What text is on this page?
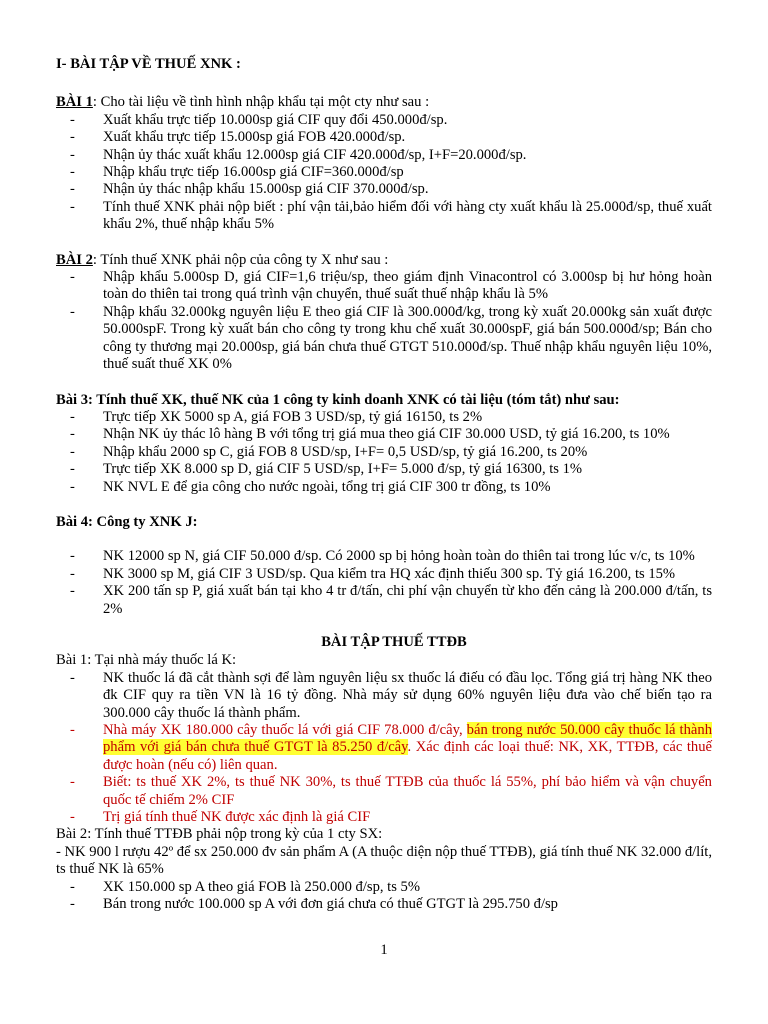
I- BÀI TẬP VỀ THUẾ XNK :

BÀI 1: Cho tài liệu về tình hình nhập khẩu tại một cty như sau :

- Xuất khẩu trực tiếp 10.000sp giá CIF quy đổi 450.000đ/sp.
- Xuất khẩu trực tiếp 15.000sp giá FOB 420.000đ/sp.
- Nhận ủy thác xuất khẩu 12.000sp giá CIF 420.000đ/sp, I+F=20.000đ/sp.
- Nhập khẩu trực tiếp 16.000sp giá CIF=360.000đ/sp
- Nhận ủy thác nhập khẩu 15.000sp giá CIF 370.000đ/sp.
- Tính thuế XNK phải nộp biết : phí vận tải,bảo hiểm đối với hàng cty xuất khẩu là 25.000đ/sp, thuế xuất khẩu 2%, thuế nhập khẩu 5%

BÀI 2: Tính thuế XNK phải nộp của công ty X như sau :

- Nhập khẩu 5.000sp D, giá CIF=1,6 triệu/sp, theo giám định Vinacontrol có 3.000sp bị hư hỏng hoàn toàn do thiên tai trong quá trình vận chuyển, thuế suất thuế nhập khẩu là 5%
- Nhập khẩu 32.000kg nguyên liệu E theo giá CIF là 300.000đ/kg, trong kỳ xuất 20.000kg sản xuất được 50.000spF. Trong kỳ xuất bán cho công ty trong khu chế xuất 30.000spF, giá bán 500.000đ/sp; Bán cho công ty thương mại 20.000sp, giá bán chưa thuế GTGT 510.000đ/sp. Thuế nhập khẩu nguyên liệu 10%, thuế suất thuế XK 0%

Bài 3: Tính thuế XK, thuế NK của 1 công ty kinh doanh XNK có tài liệu (tóm tắt) như sau:

- Trực tiếp XK 5000 sp A, giá FOB 3 USD/sp, tỷ giá 16150, ts 2%
- Nhận NK ủy thác lô hàng B với tổng trị giá mua theo giá CIF 30.000 USD, tỷ giá 16.200, ts 10%
- Nhập khẩu 2000 sp C, giá FOB 8 USD/sp, I+F= 0,5 USD/sp, tỷ giá 16.200, ts 20%
- Trực tiếp XK 8.000 sp D, giá CIF 5 USD/sp, I+F= 5.000 đ/sp, tỷ giá 16300, ts 1%
- NK NVL E để gia công cho nước ngoài, tổng trị giá CIF 300 tr đồng, ts 10%

Bài 4: Công ty XNK J:

- NK 12000 sp N, giá CIF 50.000 đ/sp. Có 2000 sp bị hỏng hoàn toàn do thiên tai trong lúc v/c, ts 10%
- NK 3000 sp M, giá CIF 3 USD/sp. Qua kiểm tra HQ xác định thiếu 300 sp. Tỷ giá 16.200, ts 15%
- XK 200 tấn sp P, giá xuất bán tại kho 4 tr đ/tấn, chi phí vận chuyển từ kho đến cảng là 200.000 đ/tấn, ts 2%

BÀI TẬP THUẾ TTĐB

Bài 1: Tại nhà máy thuốc lá K:

- NK thuốc lá đã cắt thành sợi để làm nguyên liệu sx thuốc lá điếu có đầu lọc. Tổng giá trị hàng NK theo đk CIF quy ra tiền VN là 16 tỷ đồng. Nhà máy sử dụng 60% nguyên liệu đưa vào chế biến tạo ra 300.000 cây thuốc lá thành phẩm.
- Nhà máy XK 180.000 cây thuốc lá với giá CIF 78.000 đ/cây, bán trong nước 50.000 cây thuốc lá thành phẩm với giá bán chưa thuế GTGT là 85.250 đ/cây. Xác định các loại thuế: NK, XK, TTĐB, các thuế được hoàn (nếu có) liên quan.
- Biết: ts thuế XK 2%, ts thuế NK 30%, ts thuế TTĐB của thuốc lá 55%, phí bảo hiểm và vận chuyển quốc tế chiếm 2% CIF
- Trị giá tính thuế NK được xác định là giá CIF

Bài 2: Tính thuế TTĐB phải nộp trong kỳ của 1 cty SX:

- NK 900 l rượu 42º để sx 250.000 đv sản phẩm A (A thuộc diện nộp thuế TTĐB), giá tính thuế NK 32.000 đ/lít, ts thuế NK là 65%

- XK 150.000 sp A theo giá FOB là 250.000 đ/sp, ts 5%
- Bán trong nước 100.000 sp A với đơn giá chưa có thuế GTGT là 295.750 đ/sp
1
